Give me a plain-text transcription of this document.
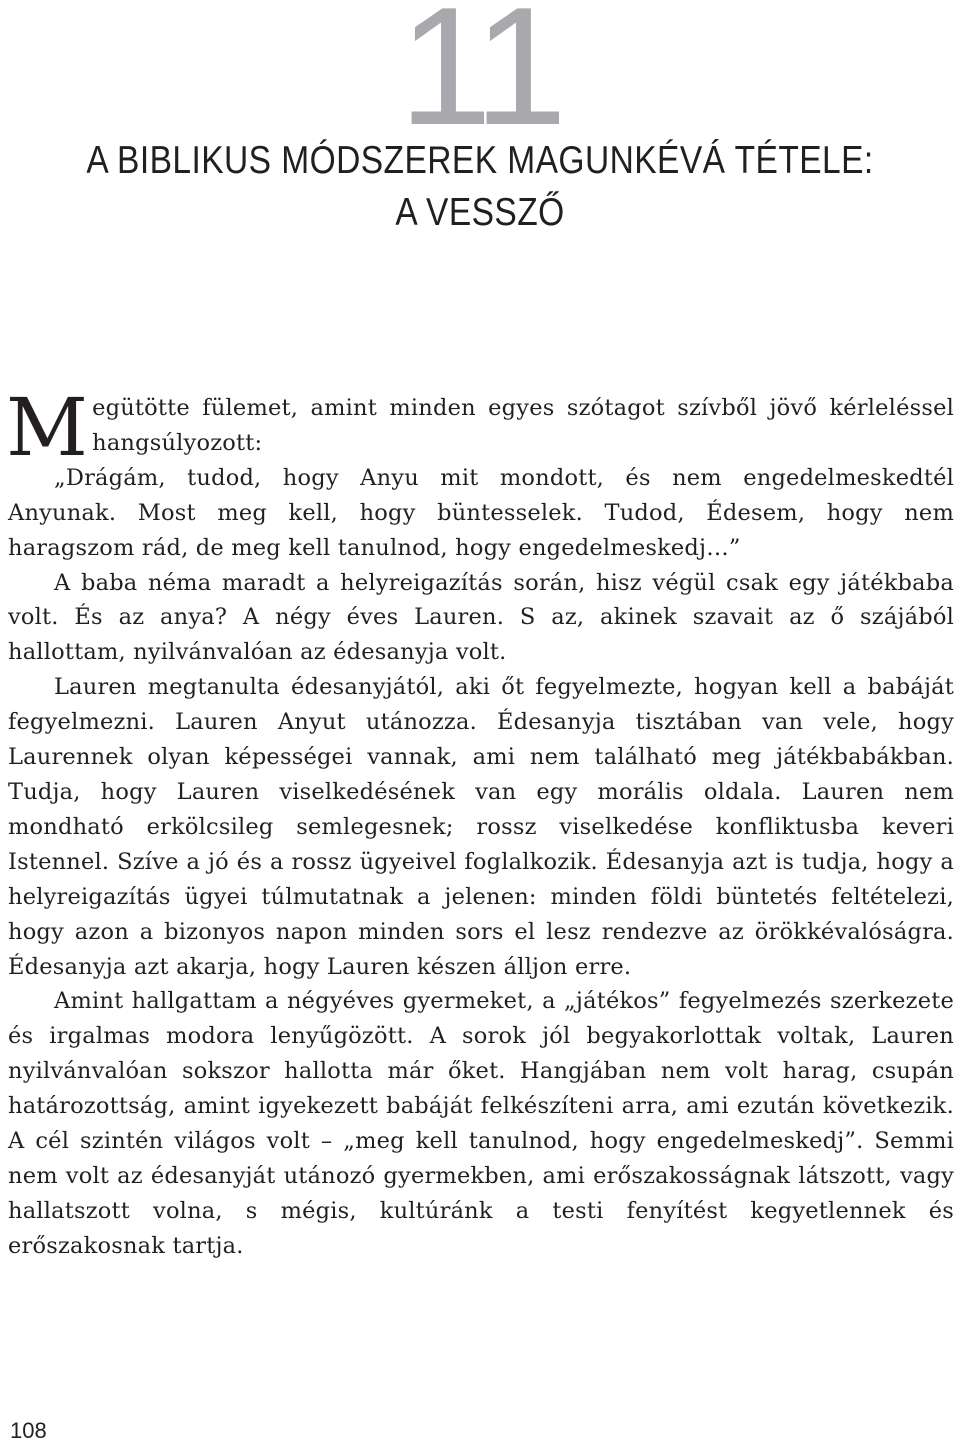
11
A BIBLIKUS MÓDSZEREK MAGUNKÉVÁ TÉTELE:
A VESSZŐ

Megütötte fülemet, amint minden egyes szótagot szívből jövő kérleléssel hangsúlyozott:

„Drágám, tudod, hogy Anyu mit mondott, és nem engedelmeskedtél Anyunak. Most meg kell, hogy büntesselek. Tudod, Édesem, hogy nem haragszom rád, de meg kell tanulnod, hogy engedelmeskedj…”

A baba néma maradt a helyreigazítás során, hisz végül csak egy játékbaba volt. És az anya? A négy éves Lauren. S az, akinek szavait az ő szájából hallottam, nyilvánvalóan az édesanyja volt.

Lauren megtanulta édesanyjától, aki őt fegyelmezte, hogyan kell a babáját fegyelmezni. Lauren Anyut utánozza. Édesanyja tisztában van vele, hogy Laurennek olyan képességei vannak, ami nem található meg játékbabákban. Tudja, hogy Lauren viselkedésének van egy morális oldala. Lauren nem mondható erkölcsileg semlegesnek; rossz viselkedése konfliktusba keveri Istennel. Szíve a jó és a rossz ügyeivel foglalkozik. Édesanyja azt is tudja, hogy a helyreigazítás ügyei túlmutatnak a jelenen: minden földi büntetés feltételezi, hogy azon a bizonyos napon minden sors el lesz rendezve az örökkévalóságra. Édesanyja azt akarja, hogy Lauren készen álljon erre.

Amint hallgattam a négyéves gyermeket, a „játékos” fegyelmezés szerkezete és irgalmas modora lenyűgözött. A sorok jól begyakorlottak voltak, Lauren nyilvánvalóan sokszor hallotta már őket. Hangjában nem volt harag, csupán határozottság, amint igyekezett babáját felkészíteni arra, ami ezután következik. A cél szintén világos volt – „meg kell tanulnod, hogy engedelmeskedj”. Semmi nem volt az édesanyját utánozó gyermekben, ami erőszakosságnak látszott, vagy hallatszott volna, s mégis, kultúránk a testi fenyítést kegyetlennek és erőszakosnak tartja.

108
